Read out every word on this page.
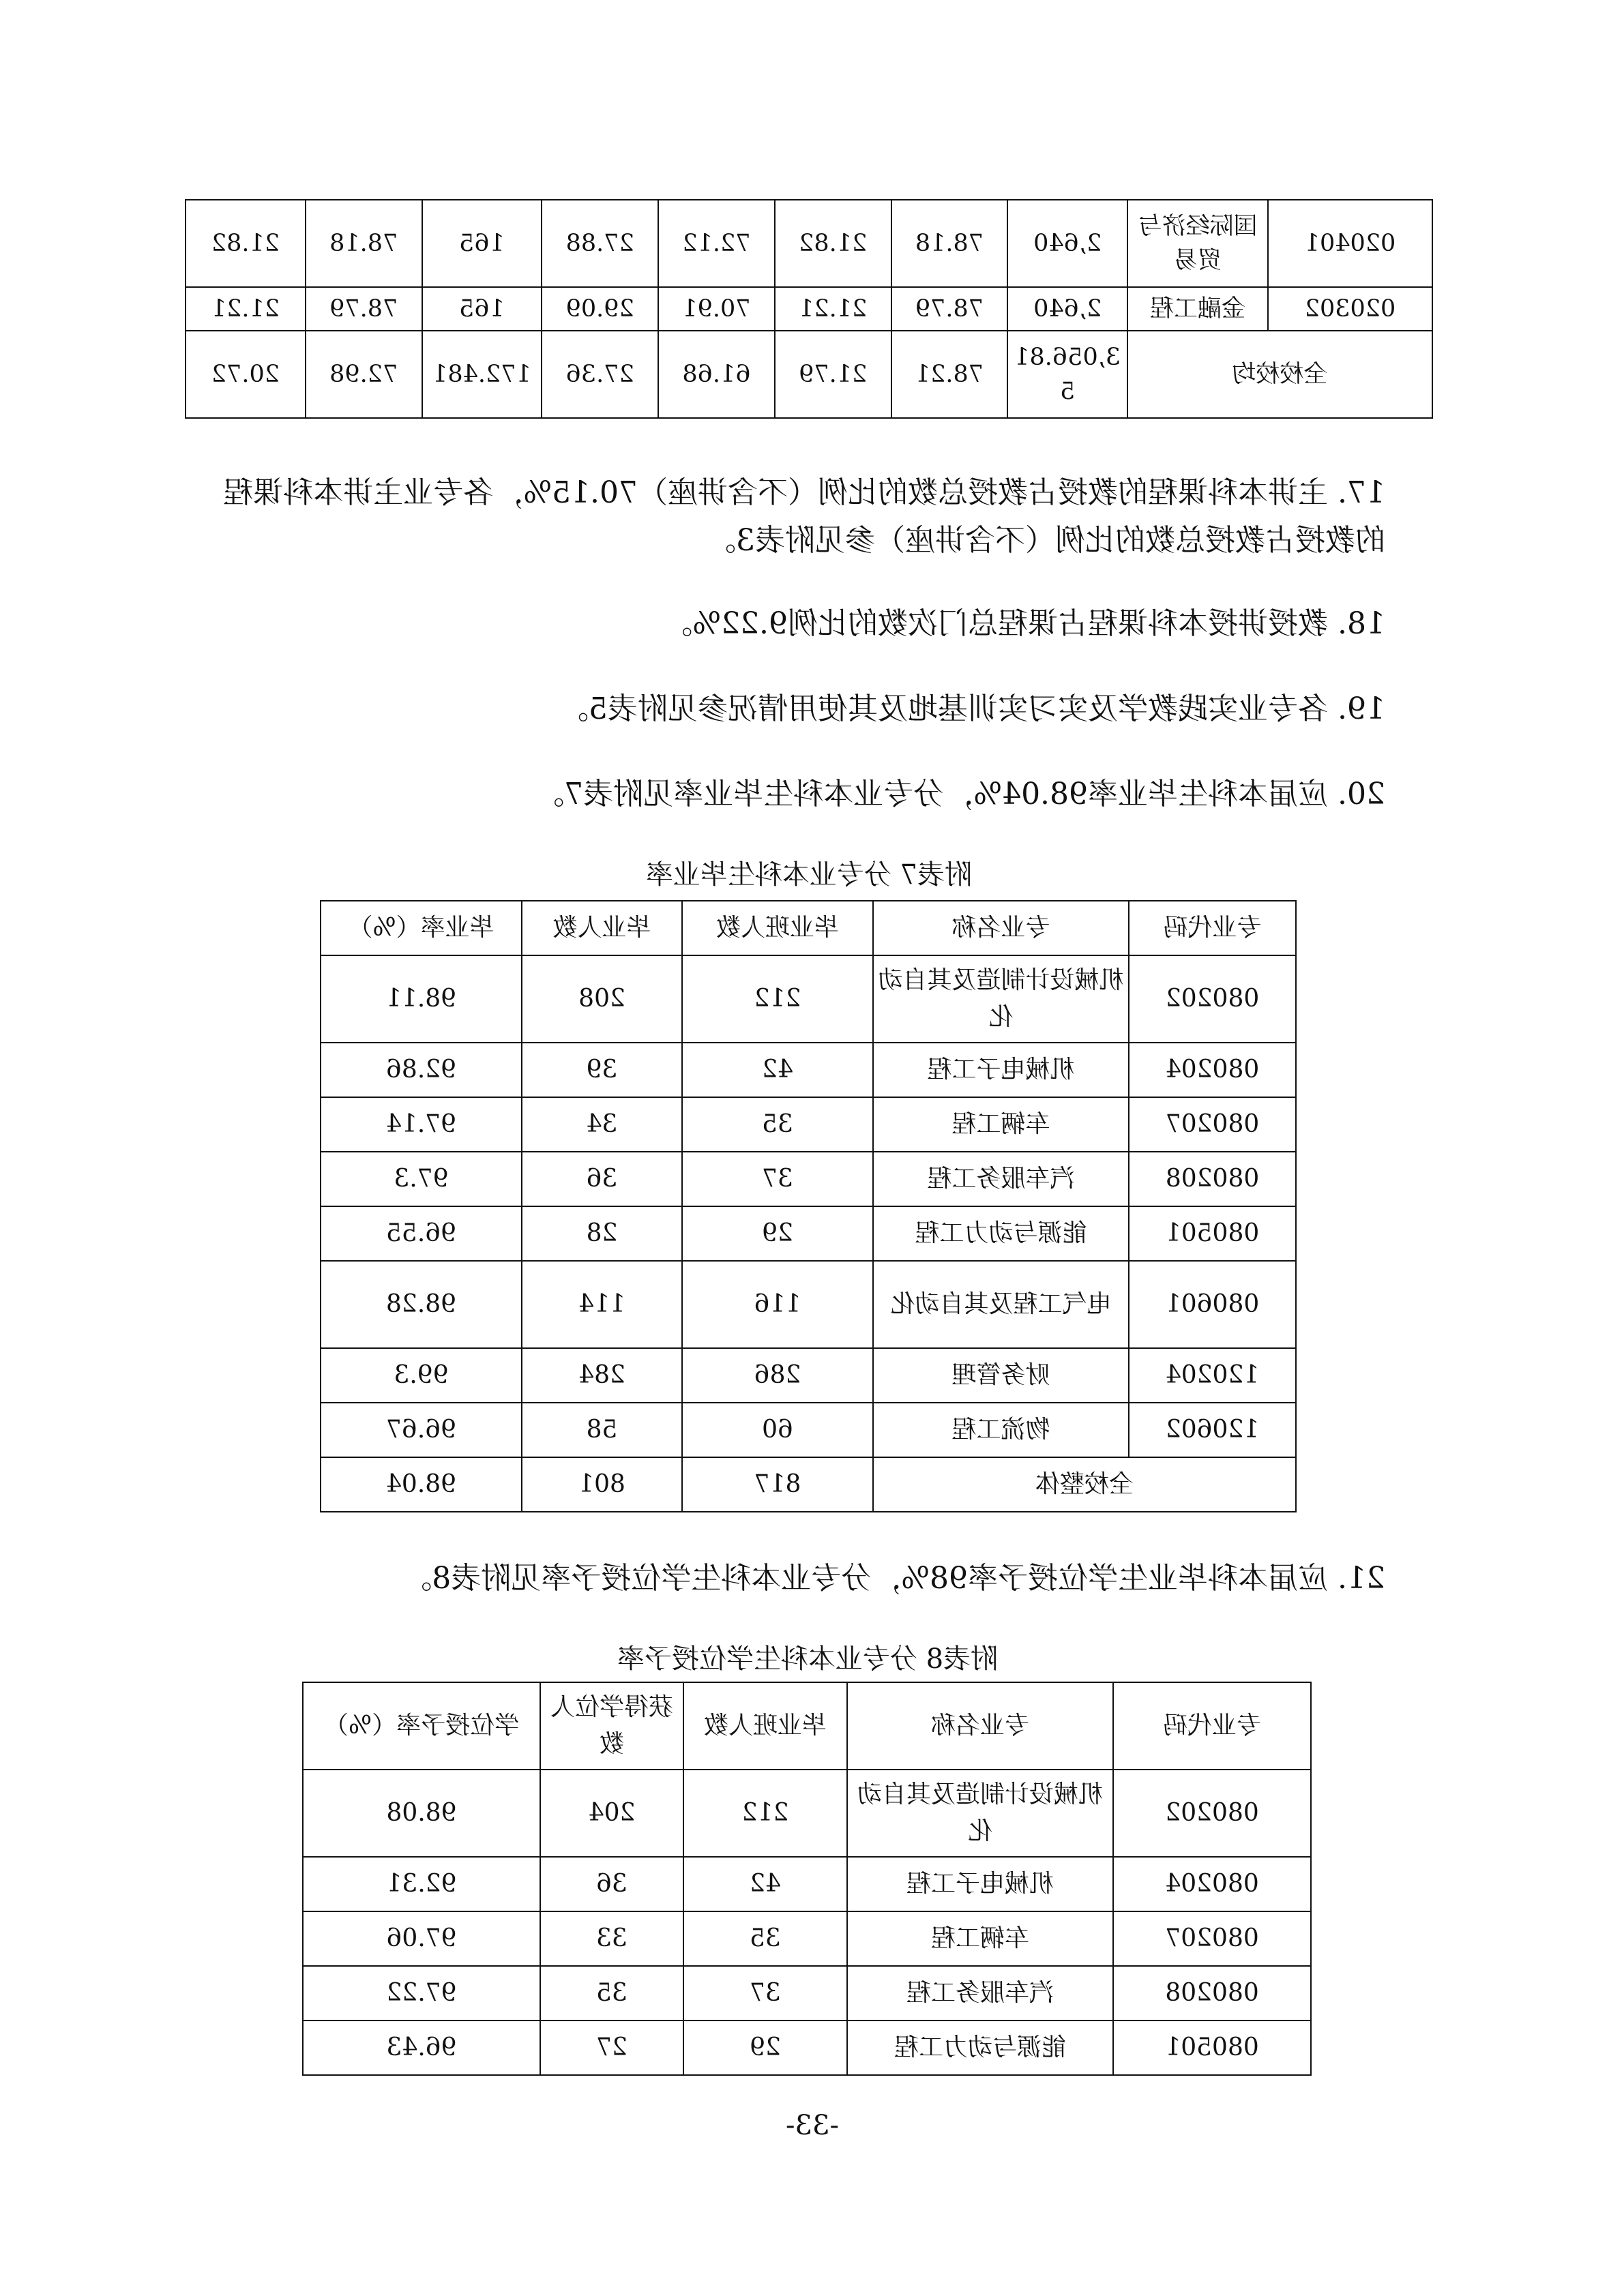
020401	国际经济与贸易	2,640	78.18	21.82	72.12	27.88	165	78.18	21.82
020302	金融工程	2,640	78.79	21.21	70.91	29.09	165	78.79	21.21
全校校均		3,056.815	78.21	21.79	61.68	27.36	172.481	72.98	20.72

17. 主讲本科课程的教授占教授总数的比例（不含讲座）70.15%，各专业主讲本科课程的教授占教授总数的比例（不含讲座）参见附表3。

18. 教授讲授本科课程占课程总门次数的比例9.22%。

19. 各专业实践教学及实习实训基地及其使用情况参见附表5。

20. 应届本科生毕业率98.04%，分专业本科生毕业率见附表7。

附表7 分专业本科生毕业率

专业代码	专业名称	毕业班人数	毕业人数	毕业率（%）
080202	机械设计制造及其自动化	212	208	98.11
080204	机械电子工程	42	39	92.86
080207	车辆工程	35	34	97.14
080208	汽车服务工程	37	36	97.3
080501	能源与动力工程	29	28	96.55
080601	电气工程及其自动化	116	114	98.28
120204	财务管理	286	284	99.3
120602	物流工程	60	58	96.67
全校整体		817	801	98.04

21. 应届本科毕业生学位授予率98%，分专业本科生学位授予率见附表8。

附表8 分专业本科生学位授予率

专业代码	专业名称	毕业班人数	获得学位人数	学位授予率（%）
080202	机械设计制造及其自动化	212	204	98.08
080204	机械电子工程	42	36	92.31
080207	车辆工程	35	33	97.06
080208	汽车服务工程	37	35	97.22
080501	能源与动力工程	29	27	96.43

-33-
